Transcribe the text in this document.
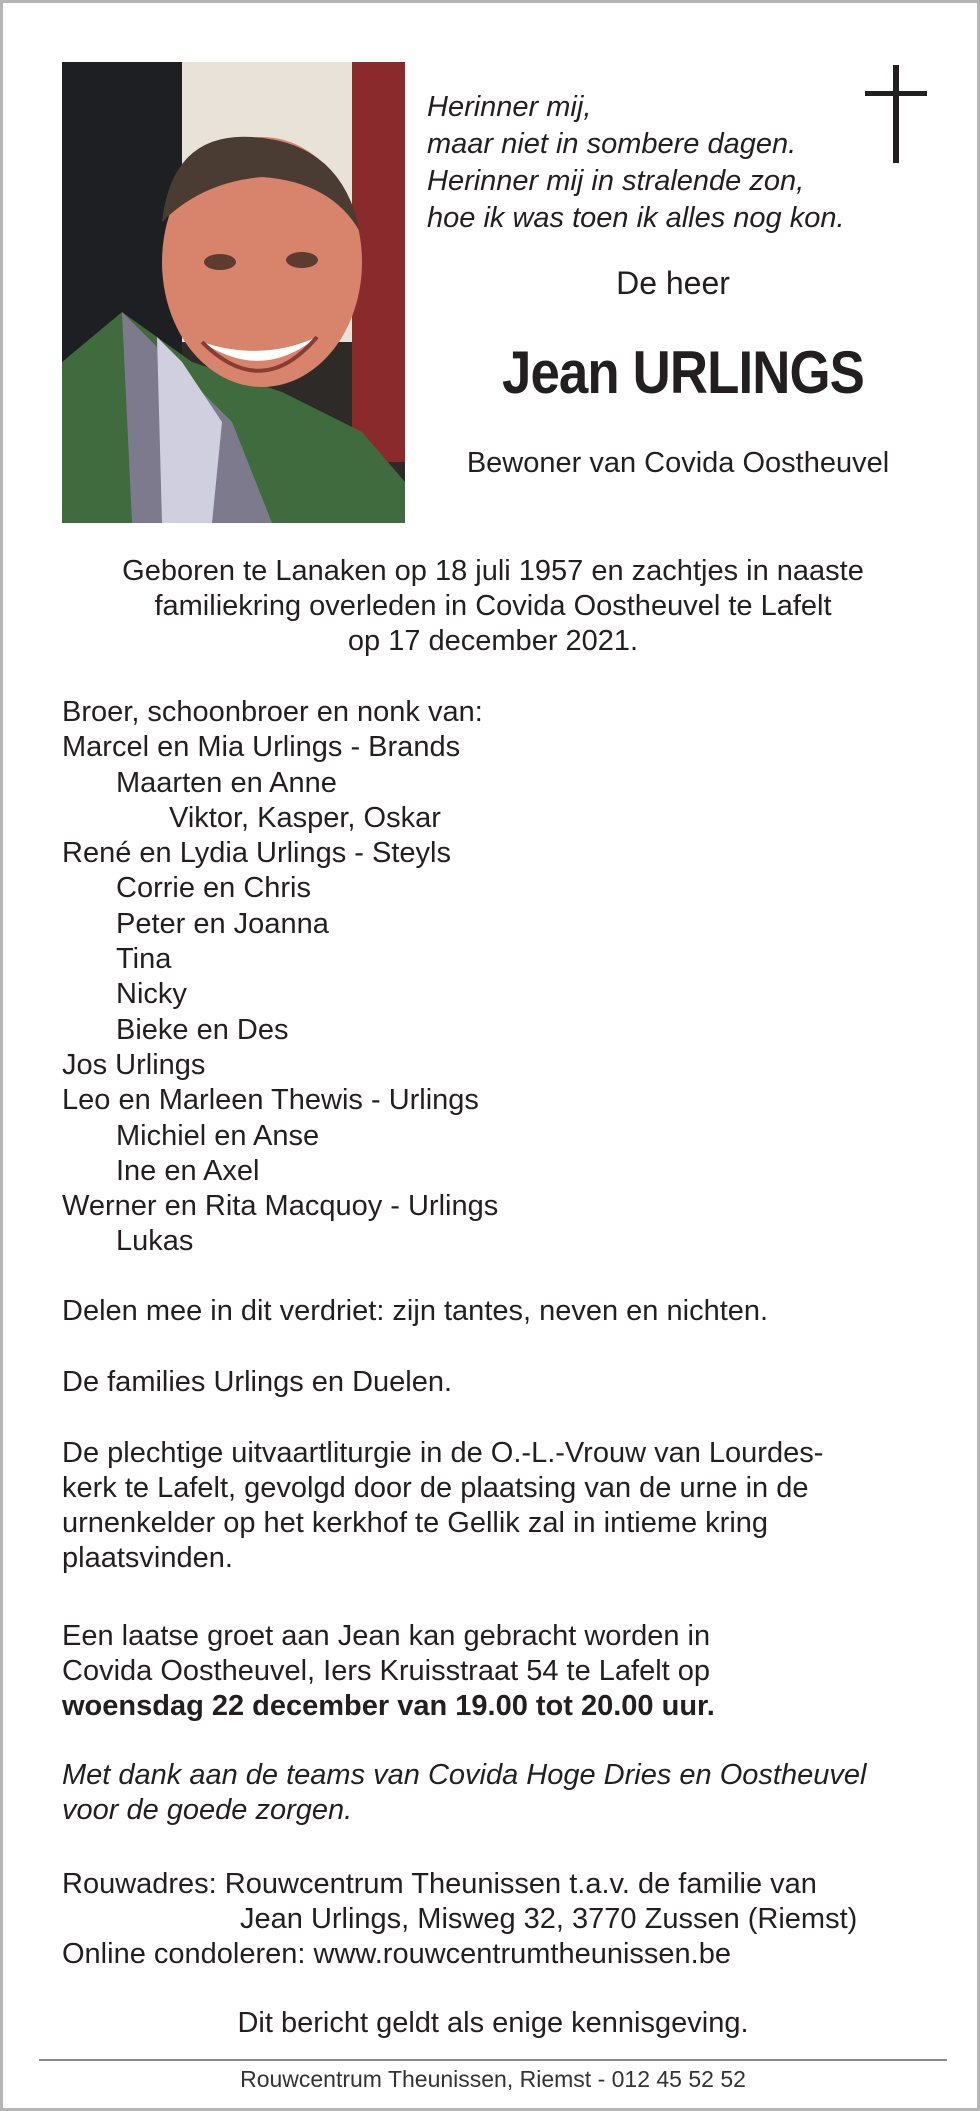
Herinner mij,
maar niet in sombere dagen.
Herinner mij in stralende zon,
hoe ik was toen ik alles nog kon.
De heer
Jean URLINGS
Bewoner van Covida Oostheuvel
Geboren te Lanaken op 18 juli 1957 en zachtjes in naaste
familiekring overleden in Covida Oostheuvel te Lafelt
op 17 december 2021.
Broer, schoonbroer en nonk van:
Marcel en Mia Urlings - Brands
Maarten en Anne
Viktor, Kasper, Oskar
René en Lydia Urlings - Steyls
Corrie en Chris
Peter en Joanna
Tina
Nicky
Bieke en Des
Jos Urlings
Leo en Marleen Thewis - Urlings
Michiel en Anse
Ine en Axel
Werner en Rita Macquoy - Urlings
Lukas
Delen mee in dit verdriet: zijn tantes, neven en nichten.
De families Urlings en Duelen.
De plechtige uitvaartliturgie in de O.-L.-Vrouw van Lourdes-
kerk te Lafelt, gevolgd door de plaatsing van de urne in de
urnenkelder op het kerkhof te Gellik zal in intieme kring
plaatsvinden.
Een laatse groet aan Jean kan gebracht worden in
Covida Oostheuvel, Iers Kruisstraat 54 te Lafelt op
woensdag 22 december van 19.00 tot 20.00 uur.
Met dank aan de teams van Covida Hoge Dries en Oostheuvel
voor de goede zorgen.
Rouwadres: Rouwcentrum Theunissen t.a.v. de familie van
Jean Urlings, Misweg 32, 3770 Zussen (Riemst)
Online condoleren: www.rouwcentrumtheunissen.be
Dit bericht geldt als enige kennisgeving.
Rouwcentrum Theunissen, Riemst - 012 45 52 52
